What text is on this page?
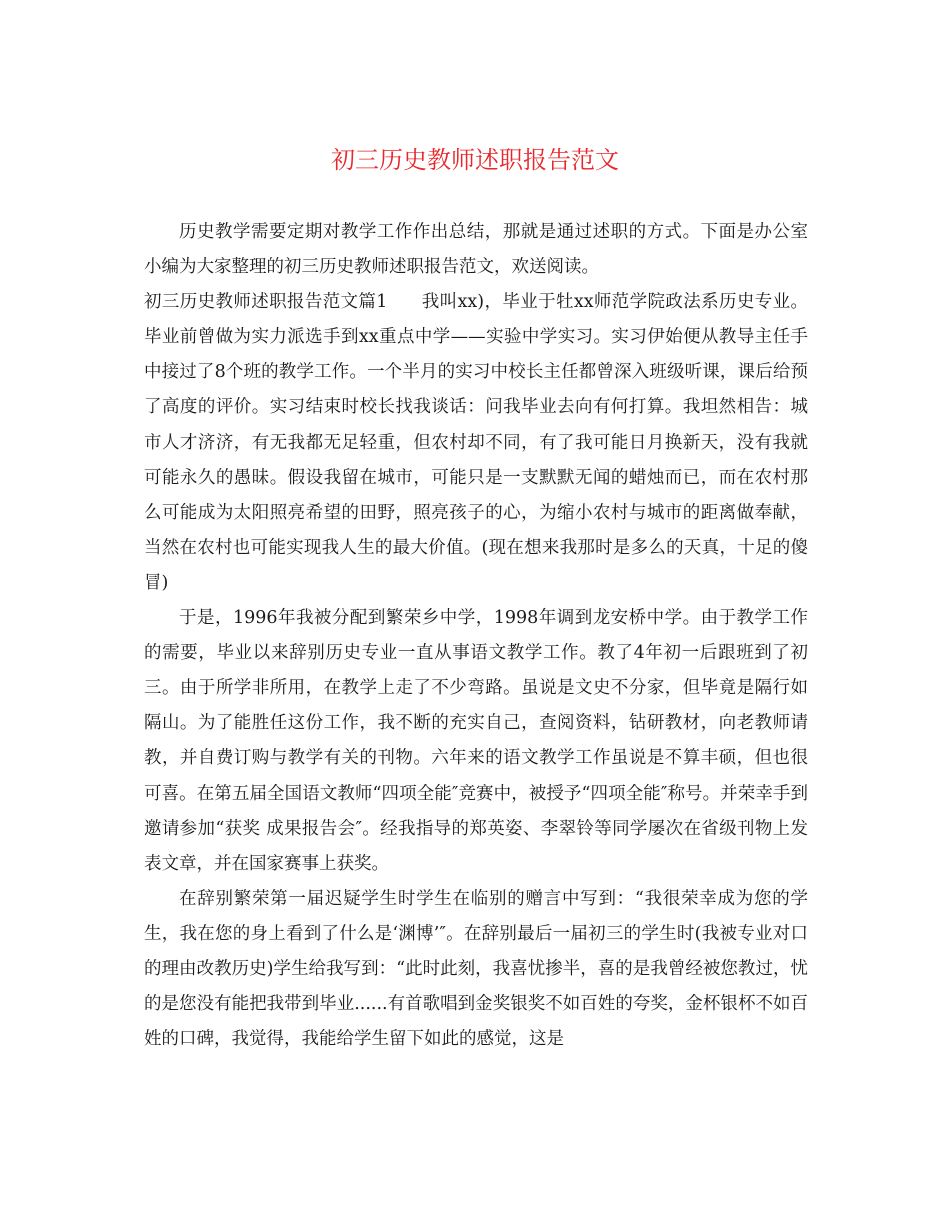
初三历史教师述职报告范文

历史教学需要定期对教学工作作出总结，那就是通过述职的方式。下面是办公室小编为大家整理的初三历史教师述职报告范文，欢送阅读。

初三历史教师述职报告范文篇1 我叫xx)，毕业于牡xx师范学院政法系历史专业。毕业前曾做为实力派选手到xx重点中学——实验中学实习。实习伊始便从教导主任手中接过了8个班的教学工作。一个半月的实习中校长主任都曾深入班级听课，课后给预了高度的评价。实习结束时校长找我谈话：问我毕业去向有何打算。我坦然相告：城市人才济济，有无我都无足轻重，但农村却不同，有了我可能日月换新天，没有我就可能永久的愚昧。假设我留在城市，可能只是一支默默无闻的蜡烛而已，而在农村那么可能成为太阳照亮希望的田野，照亮孩子的心，为缩小农村与城市的距离做奉献，当然在农村也可能实现我人生的最大价值。(现在想来我那时是多么的天真，十足的傻冒)

于是，1996年我被分配到繁荣乡中学，1998年调到龙安桥中学。由于教学工作的需要，毕业以来辞别历史专业一直从事语文教学工作。教了4年初一后跟班到了初三。由于所学非所用，在教学上走了不少弯路。虽说是文史不分家，但毕竟是隔行如隔山。为了能胜任这份工作，我不断的充实自己，查阅资料，钻研教材，向老教师请教，并自费订购与教学有关的刊物。六年来的语文教学工作虽说是不算丰硕，但也很可喜。在第五届全国语文教师“四项全能″竞赛中，被授予“四项全能″称号。并荣幸手到邀请参加“获奖 成果报告会″。经我指导的郑英姿、李翠铃等同学屡次在省级刊物上发表文章，并在国家赛事上获奖。

在辞别繁荣第一届迟疑学生时学生在临别的赠言中写到：“我很荣幸成为您的学生，我在您的身上看到了什么是‘渊博’″。在辞别最后一届初三的学生时(我被专业对口的理由改教历史)学生给我写到：“此时此刻，我喜忧掺半，喜的是我曾经被您教过，忧的是您没有能把我带到毕业......有首歌唱到金奖银奖不如百姓的夸奖，金杯银杯不如百姓的口碑，我觉得，我能给学生留下如此的感觉，这是
